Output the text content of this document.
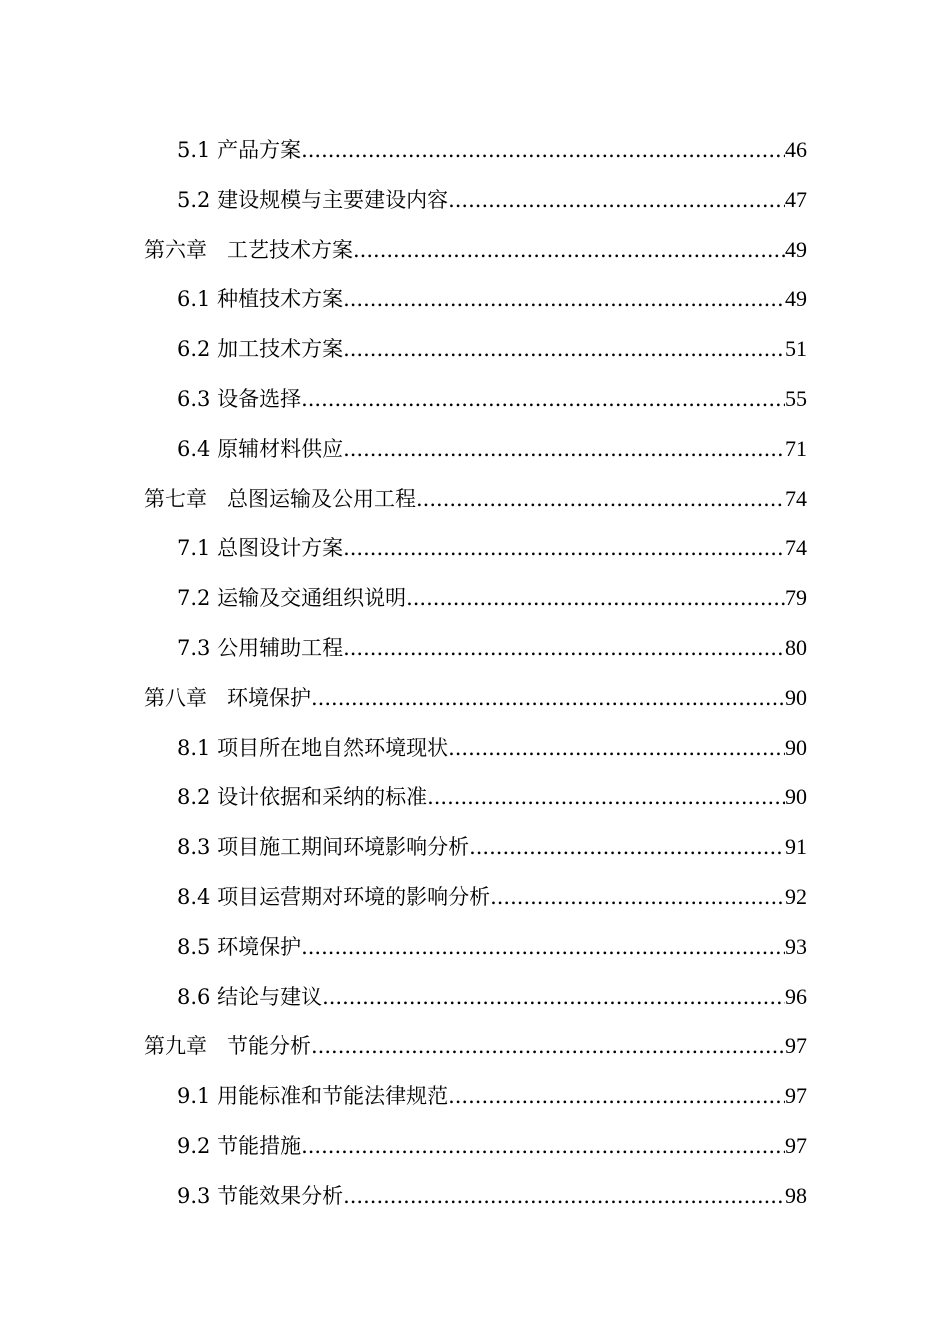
5.1 产品方案 .....	46
5.2 建设规模与主要建设内容 .....	47
第六章 工艺技术方案 .....	49
6.1 种植技术方案 .....	49
6.2 加工技术方案 .....	51
6.3 设备选择 .....	55
6.4 原辅材料供应 .....	71
第七章 总图运输及公用工程 .....	74
7.1 总图设计方案 .....	74
7.2 运输及交通组织说明 .....	79
7.3 公用辅助工程 .....	80
第八章 环境保护 .....	90
8.1 项目所在地自然环境现状 .....	90
8.2 设计依据和采纳的标准 .....	90
8.3 项目施工期间环境影响分析 .....	91
8.4 项目运营期对环境的影响分析 .....	92
8.5 环境保护 .....	93
8.6 结论与建议 .....	96
第九章 节能分析 .....	97
9.1 用能标准和节能法律规范 .....	97
9.2 节能措施 .....	97
9.3 节能效果分析 .....	98
